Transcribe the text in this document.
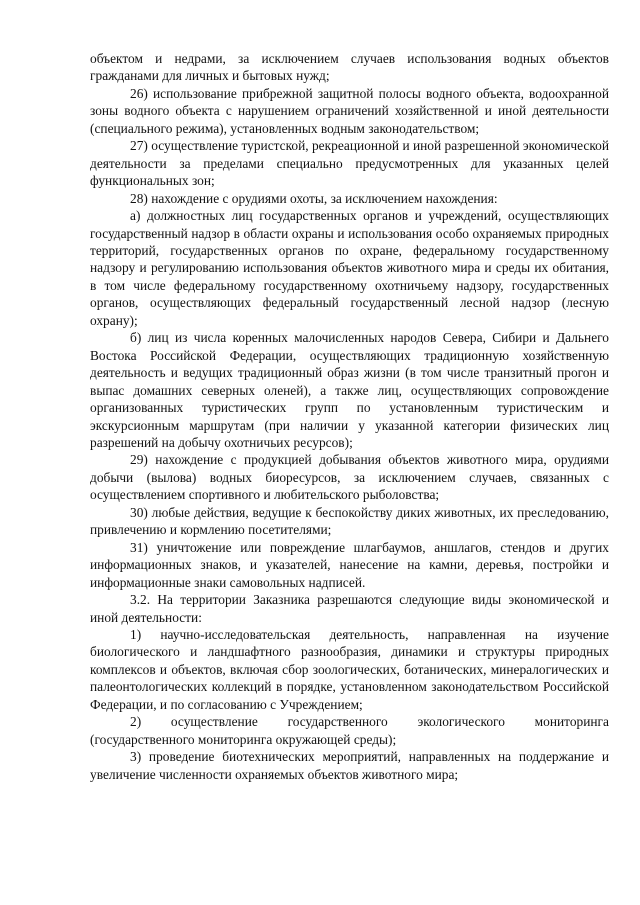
объектом и недрами, за исключением случаев использования водных объектов гражданами для личных и бытовых нужд;

26) использование прибрежной защитной полосы водного объекта, водоохранной зоны водного объекта с нарушением ограничений хозяйственной и иной деятельности (специального режима), установленных водным законодательством;

27) осуществление туристской, рекреационной и иной разрешенной экономической деятельности за пределами специально предусмотренных для указанных целей функциональных зон;

28) нахождение с орудиями охоты, за исключением нахождения:

а) должностных лиц государственных органов и учреждений, осуществляющих государственный надзор в области охраны и использования особо охраняемых природных территорий, государственных органов по охране, федеральному государственному надзору и регулированию использования объектов животного мира и среды их обитания, в том числе федеральному государственному охотничьему надзору, государственных органов, осуществляющих федеральный государственный лесной надзор (лесную охрану);

б) лиц из числа коренных малочисленных народов Севера, Сибири и Дальнего Востока Российской Федерации, осуществляющих традиционную хозяйственную деятельность и ведущих традиционный образ жизни (в том числе транзитный прогон и выпас домашних северных оленей), а также лиц, осуществляющих сопровождение организованных туристических групп по установленным туристическим и экскурсионным маршрутам (при наличии у указанной категории физических лиц разрешений на добычу охотничьих ресурсов);

29) нахождение с продукцией добывания объектов животного мира, орудиями добычи (вылова) водных биоресурсов, за исключением случаев, связанных с осуществлением спортивного и любительского рыболовства;

30) любые действия, ведущие к беспокойству диких животных, их преследованию, привлечению и кормлению посетителями;

31) уничтожение или повреждение шлагбаумов, аншлагов, стендов и других информационных знаков, и указателей, нанесение на камни, деревья, постройки и информационные знаки самовольных надписей.

3.2. На территории Заказника разрешаются следующие виды экономической и иной деятельности:

1) научно-исследовательская деятельность, направленная на изучение биологического и ландшафтного разнообразия, динамики и структуры природных комплексов и объектов, включая сбор зоологических, ботанических, минералогических и палеонтологических коллекций в порядке, установленном законодательством Российской Федерации, и по согласованию с Учреждением;

2) осуществление государственного экологического мониторинга (государственного мониторинга окружающей среды);

3) проведение биотехнических мероприятий, направленных на поддержание и увеличение численности охраняемых объектов животного мира;
